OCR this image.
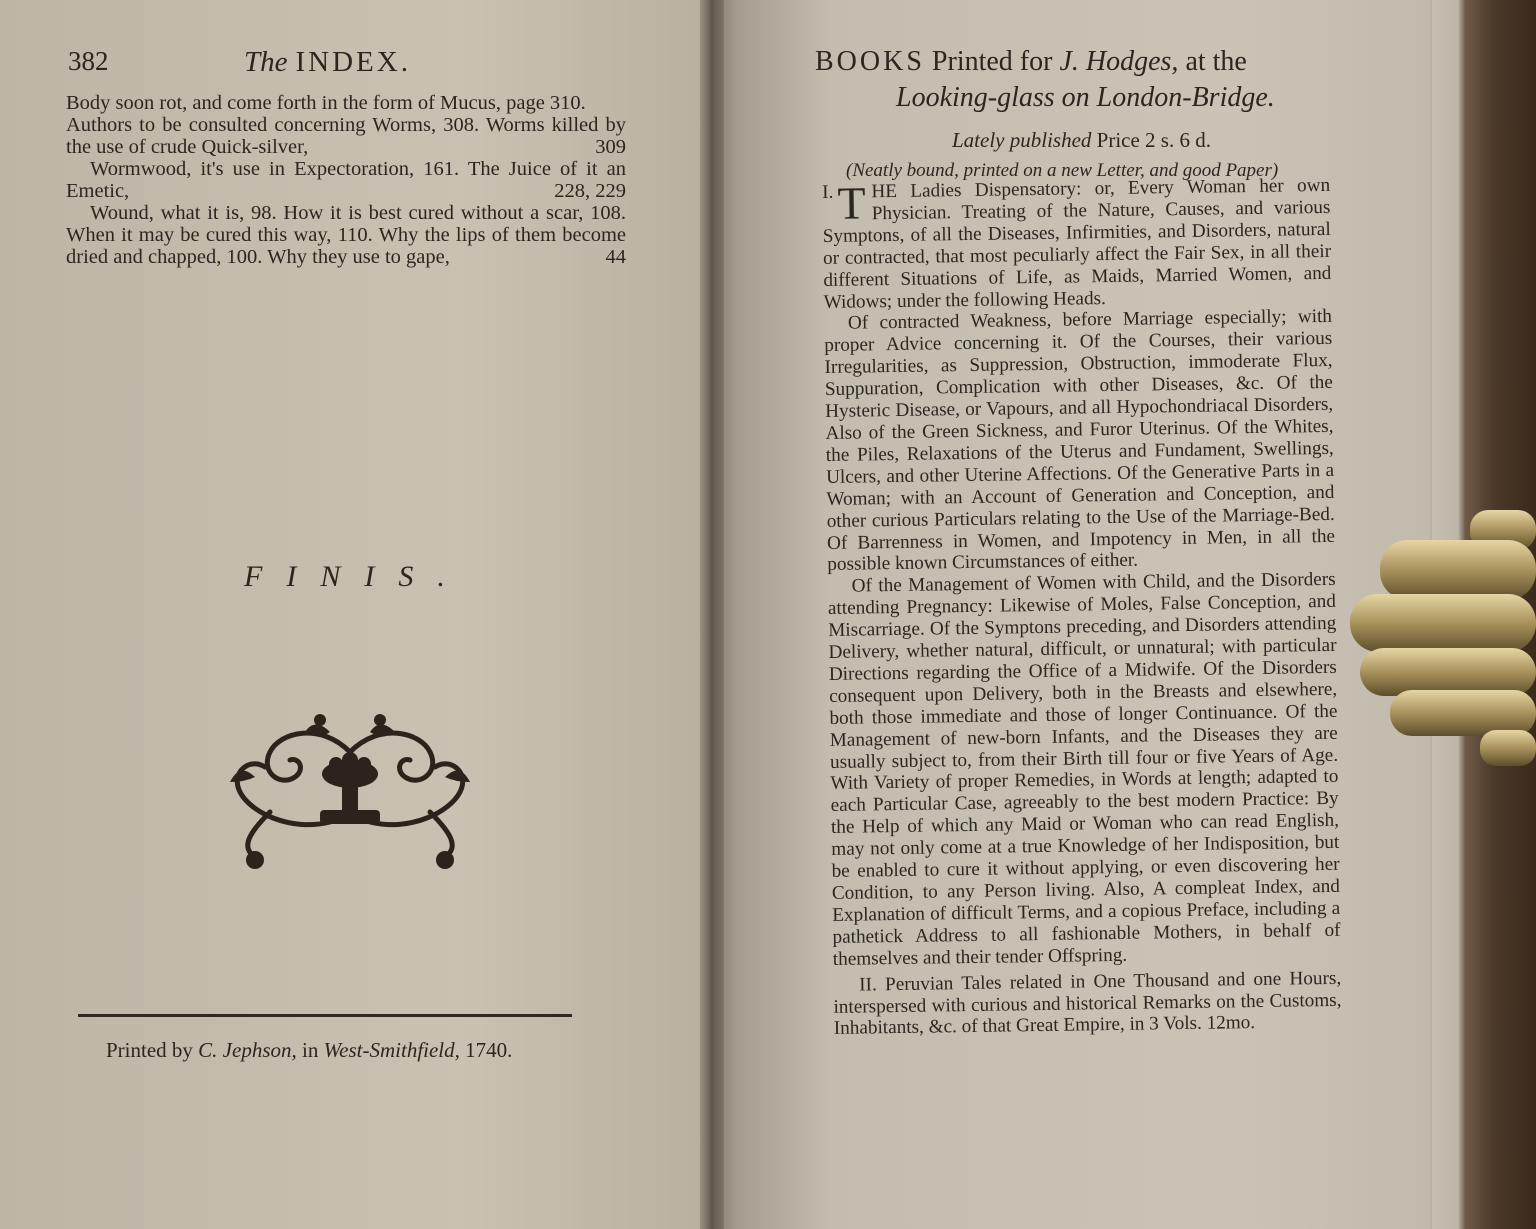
382	The INDEX.

Body soon rot, and come forth in the form of Mucus, page 310.

Authors to be consulted concerning Worms, 308. Worms killed by the use of crude Quick-silver,	309

Wormwood, it's use in Expectoration, 161. The Juice of it an Emetic,	228, 229

Wound, what it is, 98. How it is best cured without a scar, 108. When it may be cured this way, 110. Why the lips of them become dried and chapped, 100. Why they use to gape,	44

FINIS.
Printed by C. Jephson, in West-Smithfield, 1740.
BOOKS Printed for J. Hodges, at the
Looking-glass on London-Bridge.
Lately published Price 2 s. 6 d.
(Neatly bound, printed on a new Letter, and good Paper)

I. T HE Ladies Dispensatory: or, Every Woman her own Physician. Treating of the Nature, Causes, and various Symptons, of all the Diseases, Infirmities, and Disorders, natural or contracted, that most peculiarly affect the Fair Sex, in all their different Situations of Life, as Maids, Married Women, and Widows; under the following Heads.

Of contracted Weakness, before Marriage especially; with proper Advice concerning it. Of the Courses, their various Irregularities, as Suppression, Obstruction, immoderate Flux, Suppuration, Complication with other Diseases, &c. Of the Hysteric Disease, or Vapours, and all Hypochondriacal Disorders, Also of the Green Sickness, and Furor Uterinus. Of the Whites, the Piles, Relaxations of the Uterus and Fundament, Swellings, Ulcers, and other Uterine Affections. Of the Generative Parts in a Woman; with an Account of Generation and Conception, and other curious Particulars relating to the Use of the Marriage-Bed. Of Barrenness in Women, and Impotency in Men, in all the possible known Circumstances of either.

Of the Management of Women with Child, and the Disorders attending Pregnancy: Likewise of Moles, False Conception, and Miscarriage. Of the Symptons preceding, and Disorders attending Delivery, whether natural, difficult, or unnatural; with particular Directions regarding the Office of a Midwife. Of the Disorders consequent upon Delivery, both in the Breasts and elsewhere, both those immediate and those of longer Continuance. Of the Management of new-born Infants, and the Diseases they are usually subject to, from their Birth till four or five Years of Age. With Variety of proper Remedies, in Words at length; adapted to each Particular Case, agreeably to the best modern Practice: By the Help of which any Maid or Woman who can read English, may not only come at a true Knowledge of her Indisposition, but be enabled to cure it without applying, or even discovering her Condition, to any Person living. Also, A compleat Index, and Explanation of difficult Terms, and a copious Preface, including a pathetick Address to all fashionable Mothers, in behalf of themselves and their tender Offspring.

II. Peruvian Tales related in One Thousand and one Hours, interspersed with curious and historical Remarks on the Customs, Inhabitants, &c. of that Great Empire, in 3 Vols. 12mo.
